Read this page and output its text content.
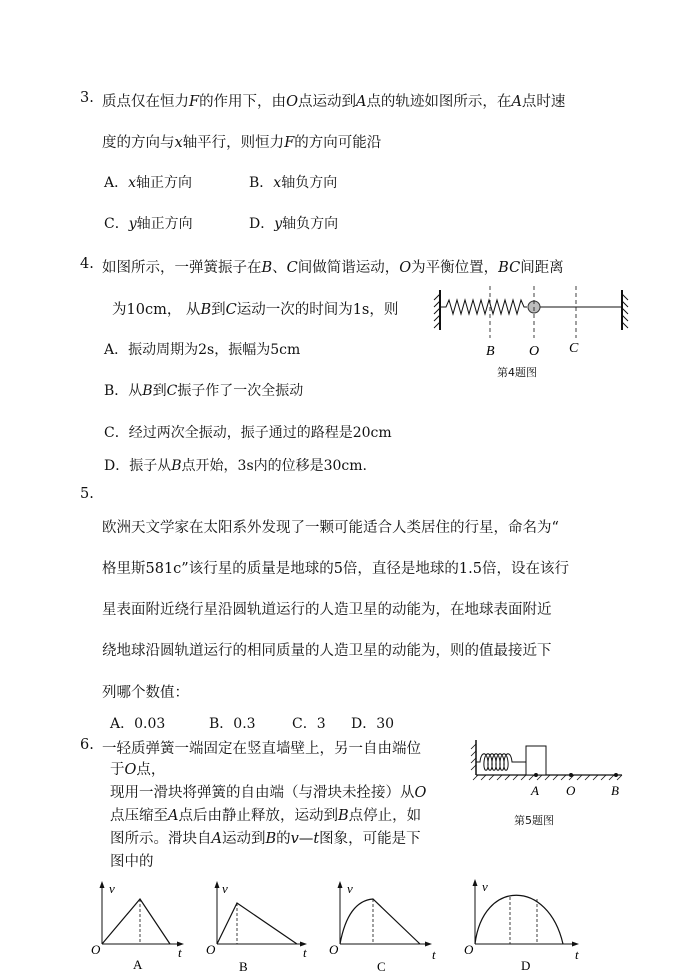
3. 质点仅在恒力F的作用下，由O点运动到A点的轨迹如图所示，在A点时速
度的方向与x轴平行，则恒力F的方向可能沿
A．x轴正方向	B．x轴负方向
C．y轴正方向	D．y轴负方向
4. 如图所示，一弹簧振子在B、C间做简谐运动，O为平衡位置，BC间距离
为10cm， 从B到C运动一次的时间为1s，则
A．振动周期为2s，振幅为5cm
B．从B到C振子作了一次全振动
C．经过两次全振动，振子通过的路程是20cm
D．振子从B点开始，3s内的位移是30cm.
B O C
第4题图
5.
欧洲天文学家在太阳系外发现了一颗可能适合人类居住的行星，命名为“
格里斯581c”该行星的质量是地球的5倍，直径是地球的1.5倍，设在该行
星表面附近绕行星沿圆轨道运行的人造卫星的动能为，在地球表面附近
绕地球沿圆轨道运行的相同质量的人造卫星的动能为，则的值最接近下
列哪个数值：
A．0.03	B．0.3	C．3 D．30
6. 一轻质弹簧一端固定在竖直墙壁上，另一自由端位
于O点，
现用一滑块将弹簧的自由端（与滑块未拴接）从O
点压缩至A点后由静止释放，运动到B点停止，如
图所示。滑块自A运动到B的v—t图象，可能是下
图中的
A O	B
第5题图
v
O	t
A
v
O	t
B
v
O	t
C
v
O	t
D
